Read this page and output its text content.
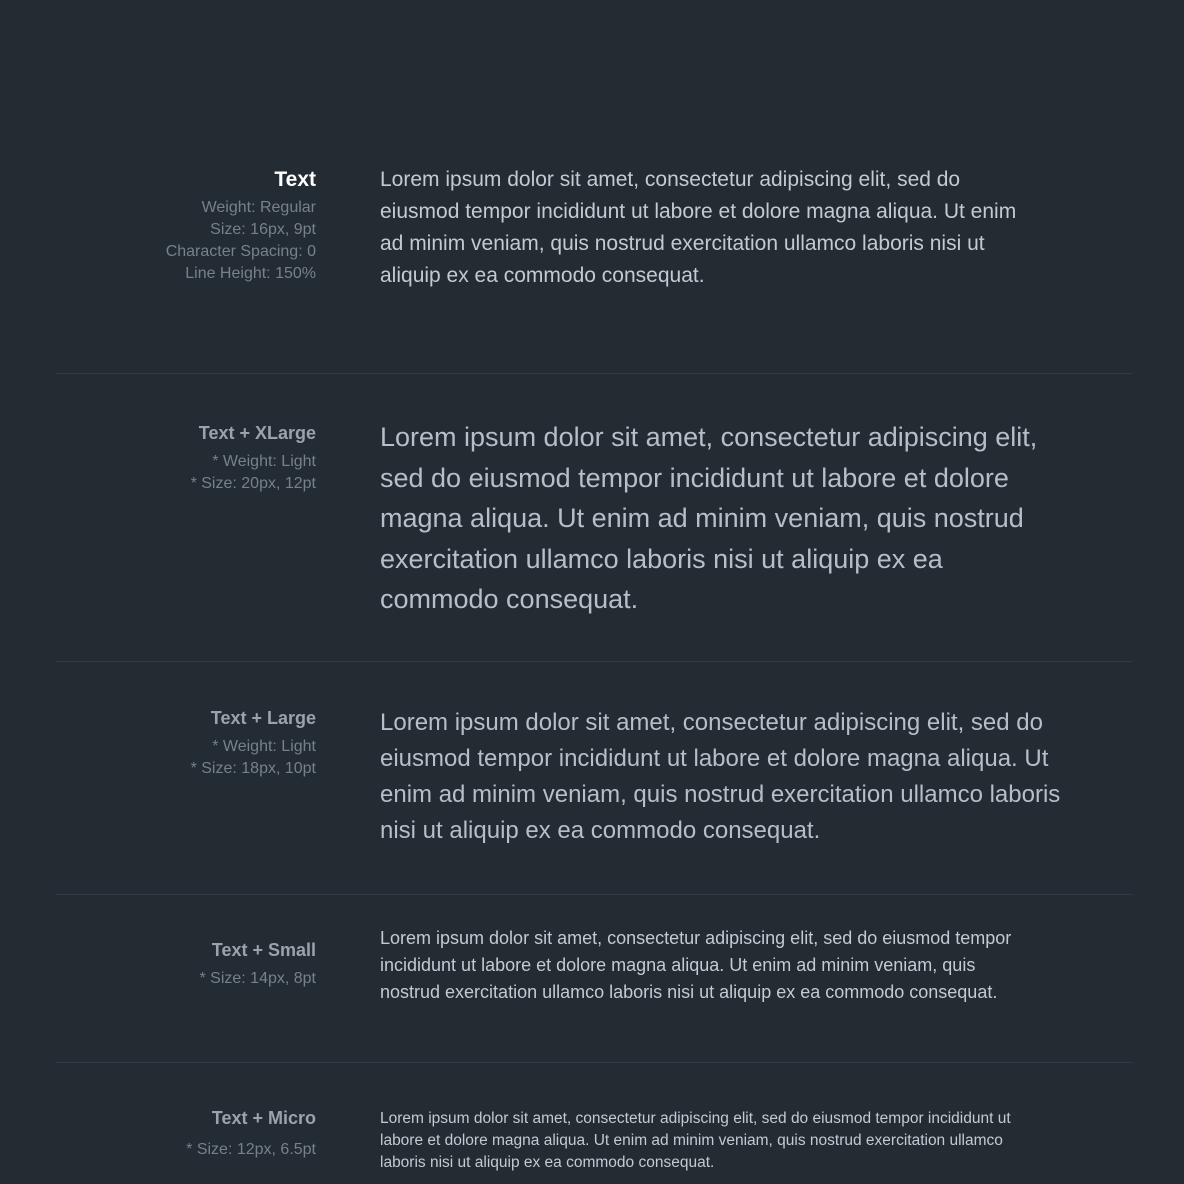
Text
Weight: Regular
Size: 16px, 9pt
Character Spacing: 0
Line Height: 150%

Lorem ipsum dolor sit amet, consectetur adipiscing elit, sed do eiusmod tempor incididunt ut labore et dolore magna aliqua. Ut enim ad minim veniam, quis nostrud exercitation ullamco laboris nisi ut aliquip ex ea commodo consequat.

Text + XLarge
* Weight: Light
* Size: 20px, 12pt

Lorem ipsum dolor sit amet, consectetur adipiscing elit, sed do eiusmod tempor incididunt ut labore et dolore magna aliqua. Ut enim ad minim veniam, quis nostrud exercitation ullamco laboris nisi ut aliquip ex ea commodo consequat.

Text + Large
* Weight: Light
* Size: 18px, 10pt

Lorem ipsum dolor sit amet, consectetur adipiscing elit, sed do eiusmod tempor incididunt ut labore et dolore magna aliqua. Ut enim ad minim veniam, quis nostrud exercitation ullamco laboris nisi ut aliquip ex ea commodo consequat.

Text + Small
* Size: 14px, 8pt

Lorem ipsum dolor sit amet, consectetur adipiscing elit, sed do eiusmod tempor incididunt ut labore et dolore magna aliqua. Ut enim ad minim veniam, quis nostrud exercitation ullamco laboris nisi ut aliquip ex ea commodo consequat.

Text + Micro
* Size: 12px, 6.5pt

Lorem ipsum dolor sit amet, consectetur adipiscing elit, sed do eiusmod tempor incididunt ut labore et dolore magna aliqua. Ut enim ad minim veniam, quis nostrud exercitation ullamco laboris nisi ut aliquip ex ea commodo consequat.
